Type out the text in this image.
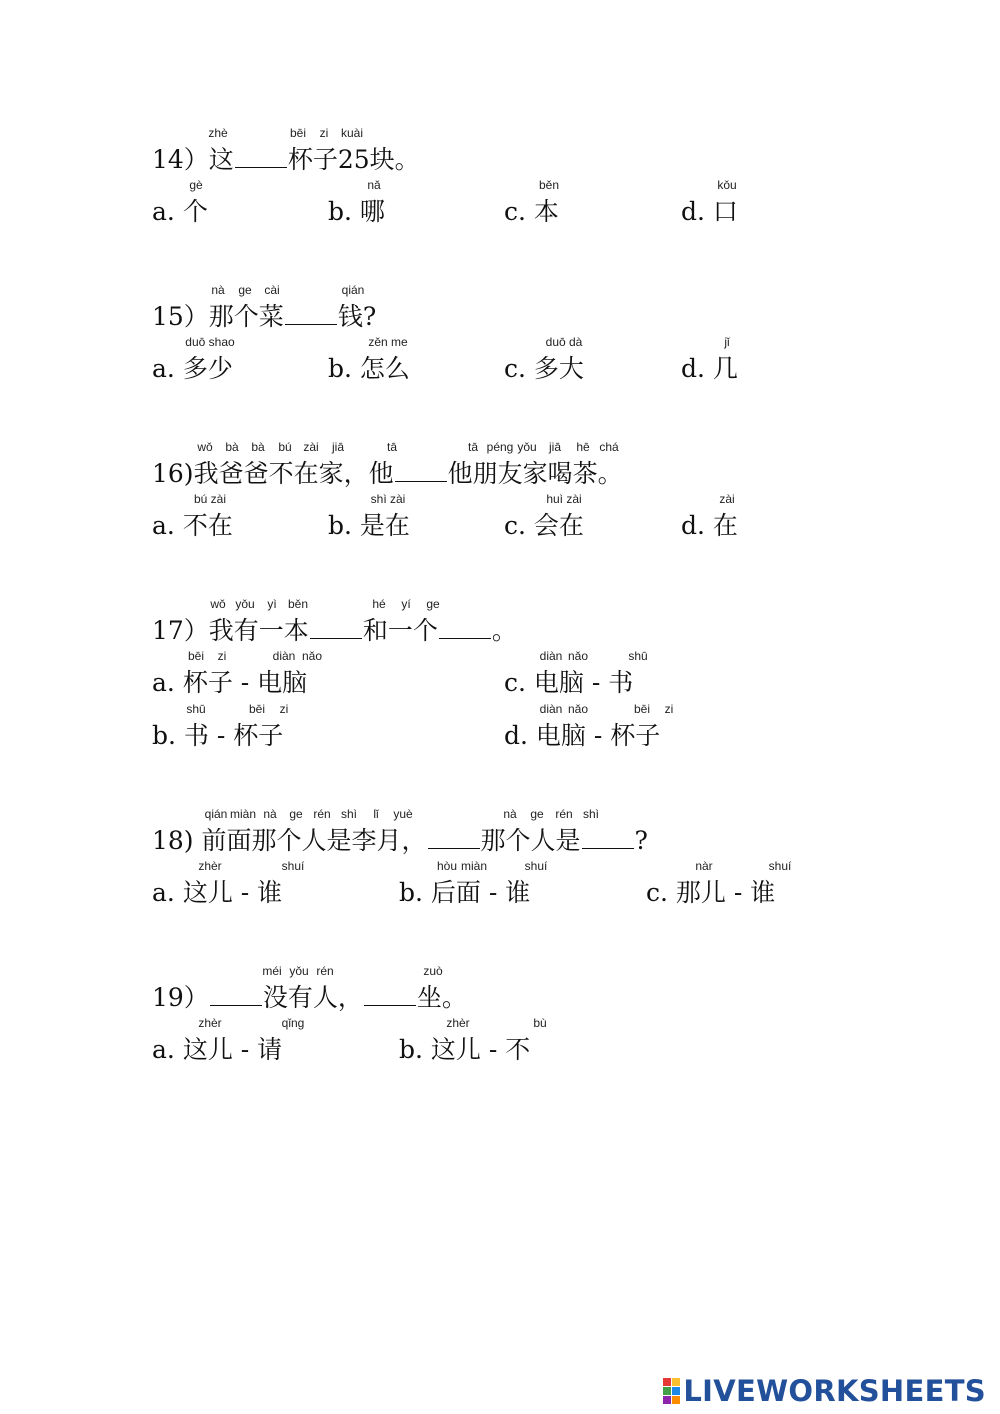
zhè	bēi zi kuài
14）这 杯子25块。
gè	nǎ	běn	kǒu
a. 个	b. 哪	c. 本	d. 口
nà ge cài	qián
15）那个菜 钱?
duō shao	zěn me	duō dà	jǐ
a. 多少	b. 怎么	c. 多大	d. 几
wǒ bà bà bú zài jiā	tā	tā péng yǒu jiā hē chá
16)我爸爸不在家，他 他朋友家喝茶。
bú zài	shì zài	huì zài	zài
a. 不在	b. 是在	c. 会在	d. 在
wǒ yǒu yì běn	hé yí ge
17）我有一本 和一个 。
bēi zi	diàn nǎo	diàn nǎo	shū
a. 杯子 - 电脑	c. 电脑 - 书
shū	bēi zi	diàn nǎo	bēi zi
b. 书 - 杯子	d. 电脑 - 杯子
qián miàn nà ge rén shì lǐ yuè	nà ge rén shì
18) 前面那个人是李月， 那个人是 ?
zhèr	shuí	hòu miàn	shuí	nàr	shuí
a. 这儿 - 谁	b. 后面 - 谁	c. 那儿 - 谁
méi yǒu rén	zuò
19） 没有人， 坐。
zhèr	qǐng	zhèr	bù
a. 这儿 - 请	b. 这儿 - 不
LIVEWORKSHEETS
